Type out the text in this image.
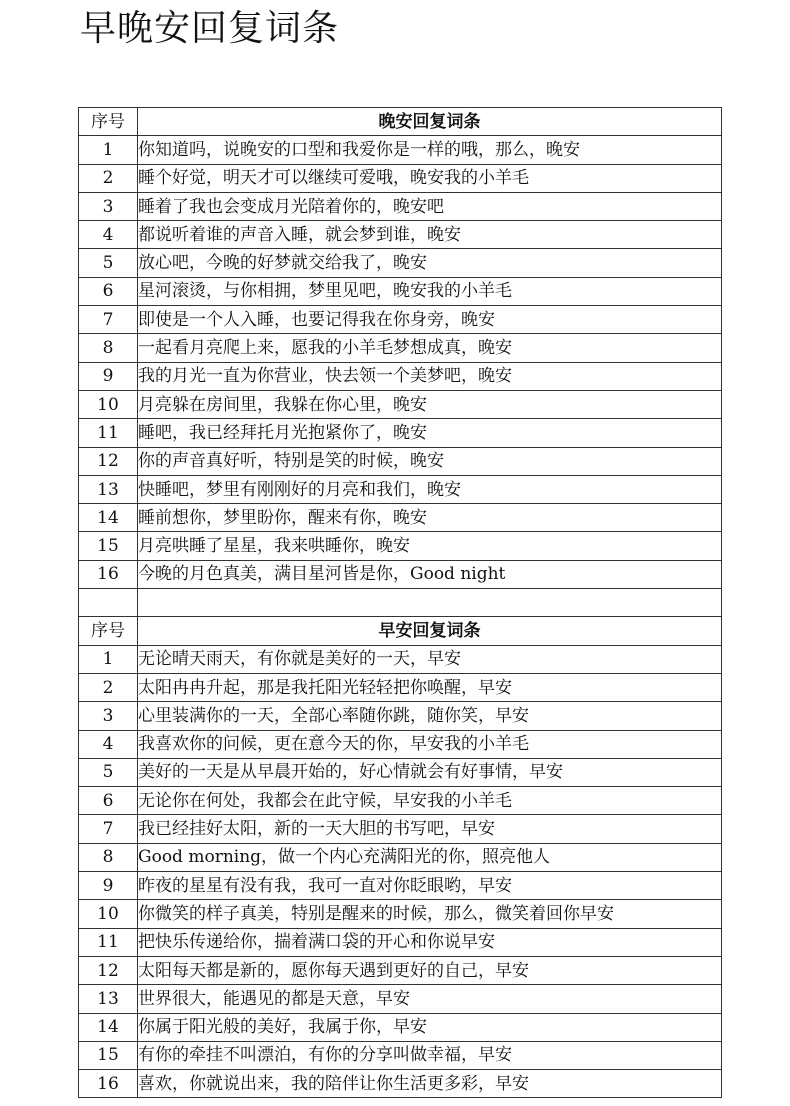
早晚安回复词条
序号	晚安回复词条
1	你知道吗，说晚安的口型和我爱你是一样的哦，那么，晚安
2	睡个好觉，明天才可以继续可爱哦，晚安我的小羊毛
3	睡着了我也会变成月光陪着你的，晚安吧
4	都说听着谁的声音入睡，就会梦到谁，晚安
5	放心吧，今晚的好梦就交给我了，晚安
6	星河滚烫，与你相拥，梦里见吧，晚安我的小羊毛
7	即使是一个人入睡，也要记得我在你身旁，晚安
8	一起看月亮爬上来，愿我的小羊毛梦想成真，晚安
9	我的月光一直为你营业，快去领一个美梦吧，晚安
10	月亮躲在房间里，我躲在你心里，晚安
11	睡吧，我已经拜托月光抱紧你了，晚安
12	你的声音真好听，特别是笑的时候，晚安
13	快睡吧，梦里有刚刚好的月亮和我们，晚安
14	睡前想你，梦里盼你，醒来有你，晚安
15	月亮哄睡了星星，我来哄睡你，晚安
16	今晚的月色真美，满目星河皆是你，Good night

序号	早安回复词条
1	无论晴天雨天，有你就是美好的一天，早安
2	太阳冉冉升起，那是我托阳光轻轻把你唤醒，早安
3	心里装满你的一天，全部心率随你跳，随你笑，早安
4	我喜欢你的问候，更在意今天的你，早安我的小羊毛
5	美好的一天是从早晨开始的，好心情就会有好事情，早安
6	无论你在何处，我都会在此守候，早安我的小羊毛
7	我已经挂好太阳，新的一天大胆的书写吧，早安
8	Good morning，做一个内心充满阳光的你，照亮他人
9	昨夜的星星有没有我，我可一直对你眨眼哟，早安
10	你微笑的样子真美，特别是醒来的时候，那么，微笑着回你早安
11	把快乐传递给你，揣着满口袋的开心和你说早安
12	太阳每天都是新的，愿你每天遇到更好的自己，早安
13	世界很大，能遇见的都是天意，早安
14	你属于阳光般的美好，我属于你，早安
15	有你的牵挂不叫漂泊，有你的分享叫做幸福，早安
16	喜欢，你就说出来，我的陪伴让你生活更多彩，早安
